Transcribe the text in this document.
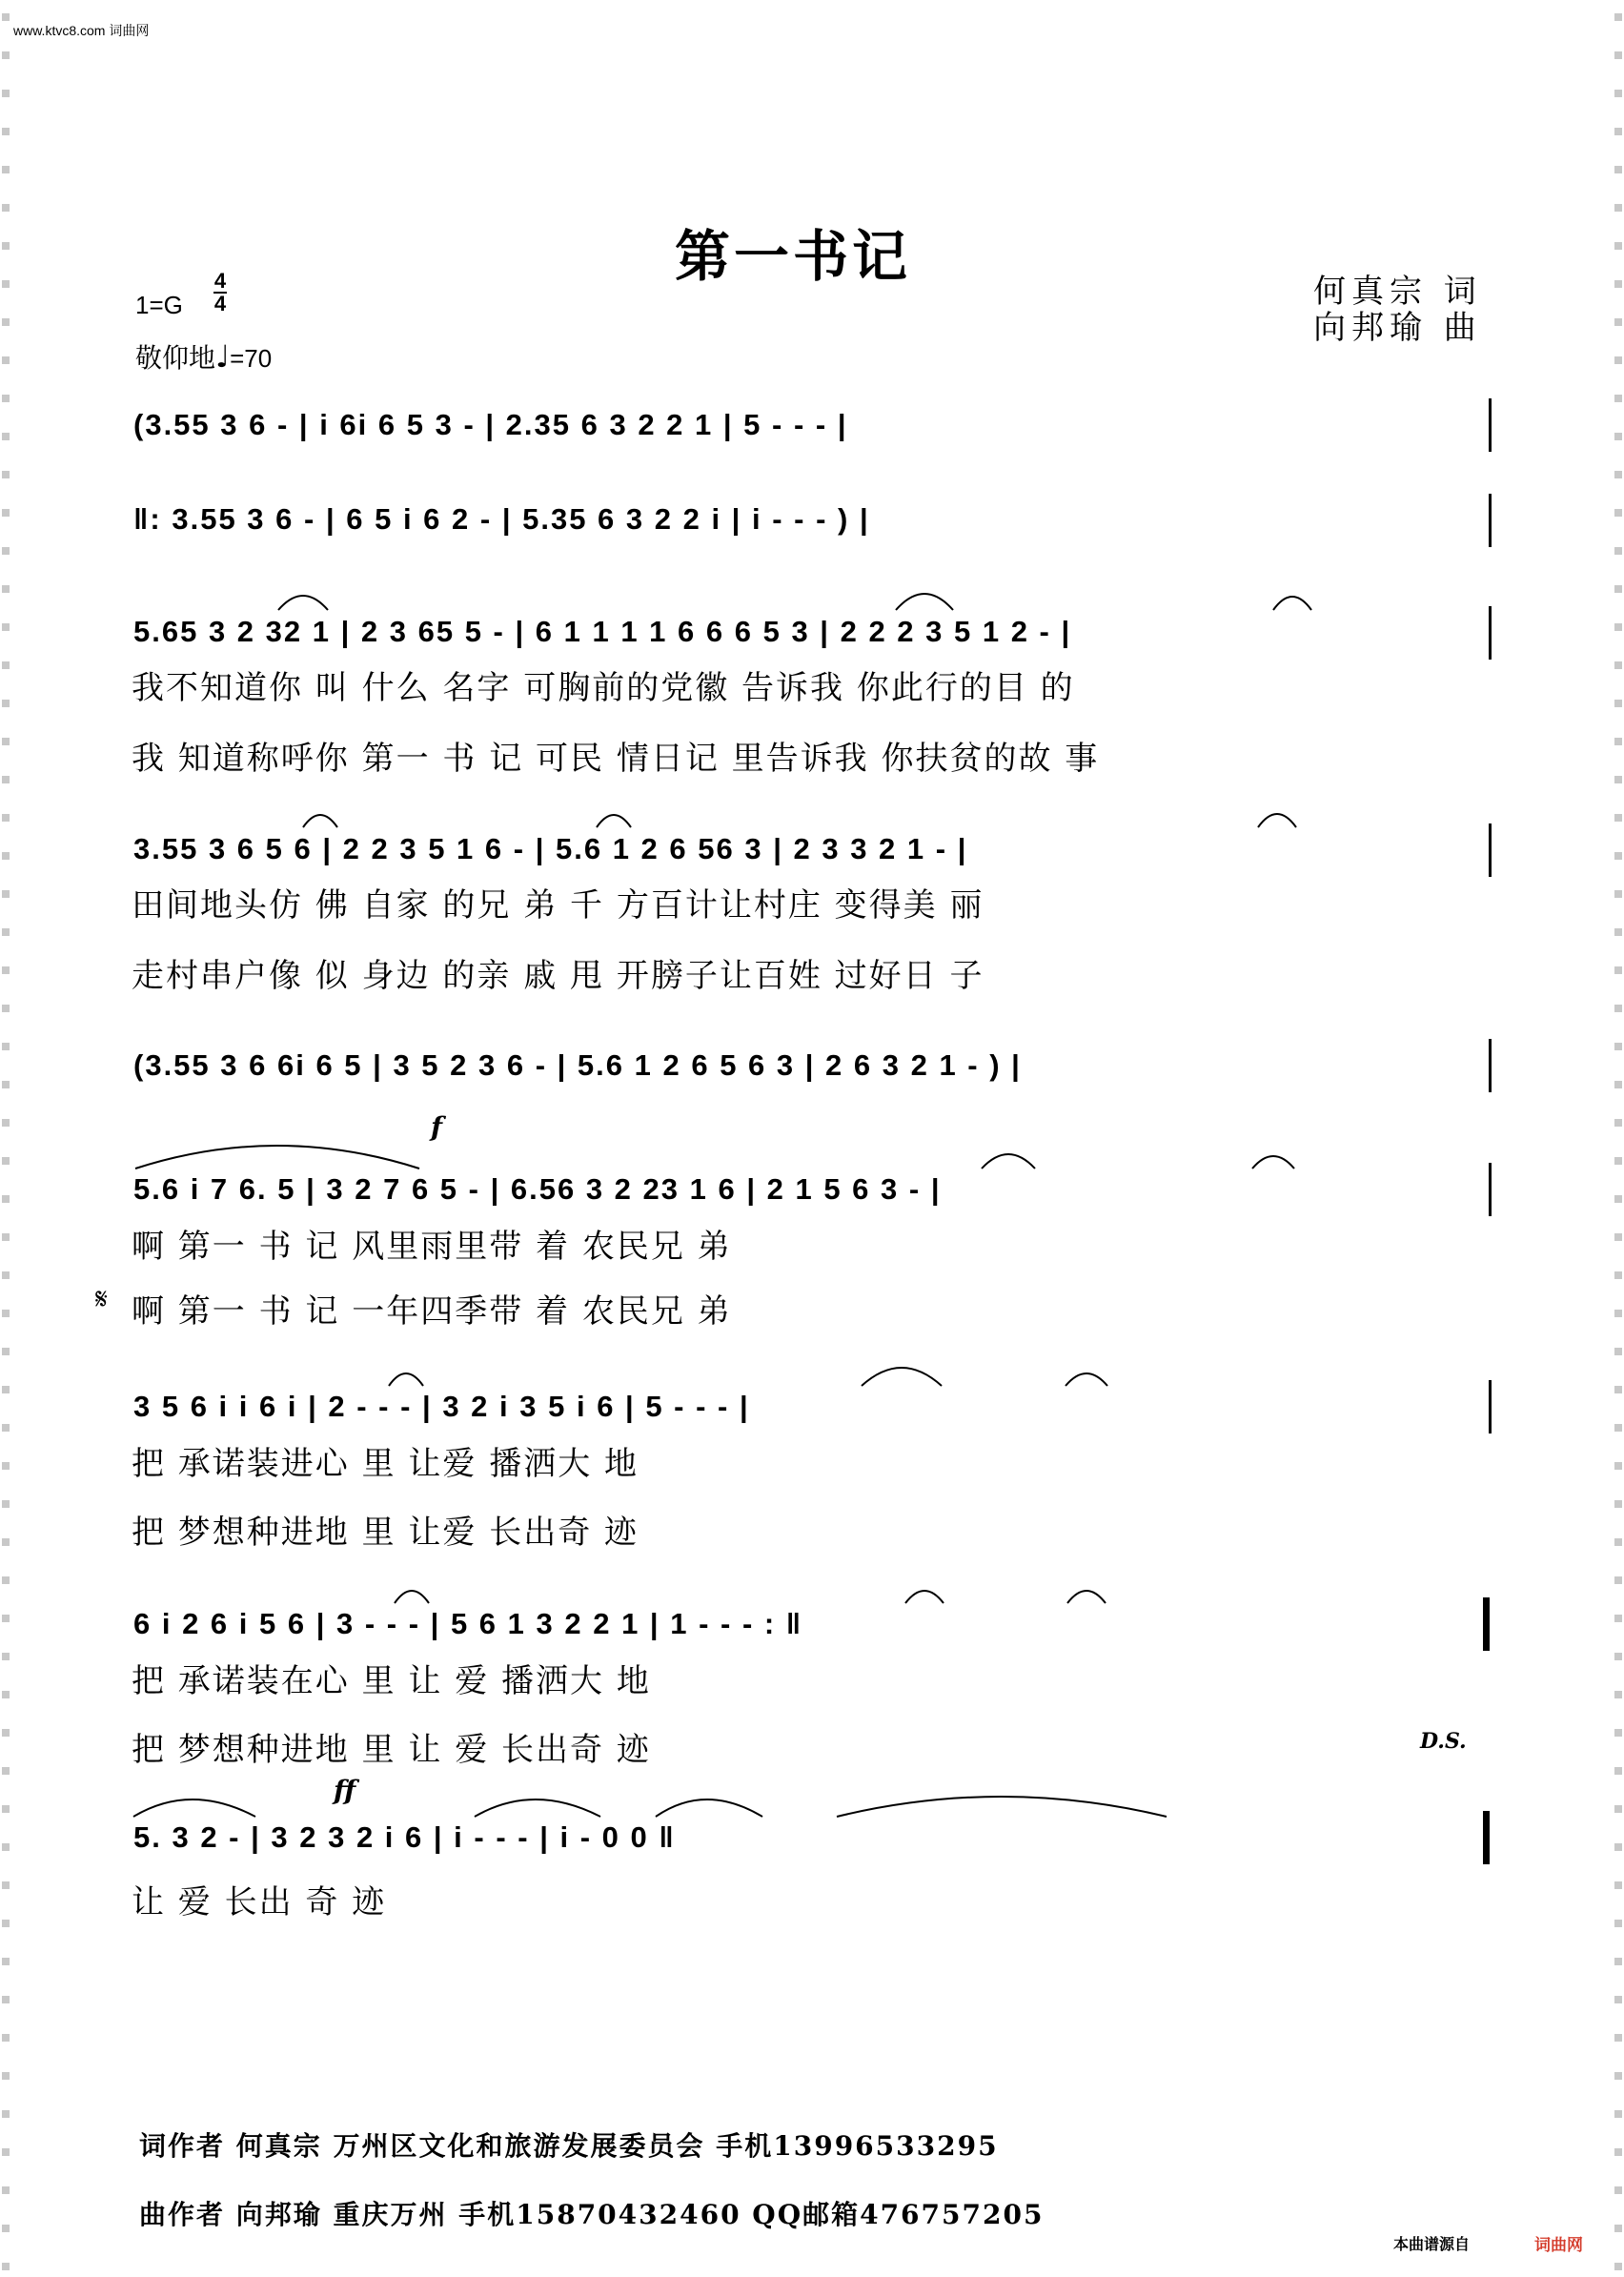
www.ktvc8.com 词曲网
第一书记
何真宗 词
向邦瑜 曲
1=G
4
4
敬仰地♩=70
(3.55 3 6 - | i 6i 6 5 3 - | 2.35 6 3 2 2 1 | 5 - - - |
‖: 3.55 3 6 - | 6 5 i 6 2 - | 5.35 6 3 2 2 i | i - - - ) |
5.65 3 2 32 1 | 2 3 65 5 - | 6 1 1 1 1 6 6 6 5 3 | 2 2 2 3 5 1 2 - |
我不知道你 叫 什么 名字 可胸前的党徽 告诉我 你此行的目 的
我 知道称呼你 第一 书 记 可民 情日记 里告诉我 你扶贫的故 事
3.55 3 6 5 6 | 2 2 3 5 1 6 - | 5.6 1 2 6 56 3 | 2 3 3 2 1 - |
田间地头仿 佛 自家 的兄 弟 千 方百计让村庄 变得美 丽
走村串户像 似 身边 的亲 戚 甩 开膀子让百姓 过好日 子
(3.55 3 6 6i 6 5 | 3 5 2 3 6 - | 5.6 1 2 6 5 6 3 | 2 6 3 2 1 - ) |
5.6 i 7 6. 5 | 3 2 7 6 5 - | 6.56 3 2 23 1 6 | 2 1 5 6 3 - |
啊 第一 书 记 风里雨里带 着 农民兄 弟
𝄋 啊 第一 书 记 一年四季带 着 农民兄 弟
3 5 6 i i 6 i | 2 - - - | 3 2 i 3 5 i 6 | 5 - - - |
把 承诺装进心 里 让爱 播洒大 地
把 梦想种进地 里 让爱 长出奇 迹
6 i 2 6 i 5 6 | 3 - - - | 5 6 1 3 2 2 1 | 1 - - - : ‖
把 承诺装在心 里 让 爱 播洒大 地
把 梦想种进地 里 让 爱 长出奇 迹	D.S.
5. 3 2 - | 3 2 3 2 i 6 | i - - - | i - 0 0 ‖
让 爱 长出 奇 迹
f
ff
词作者 何真宗 万州区文化和旅游发展委员会 手机13996533295
曲作者 向邦瑜 重庆万州 手机15870432460 QQ邮箱476757205
本曲谱源自	词曲网
